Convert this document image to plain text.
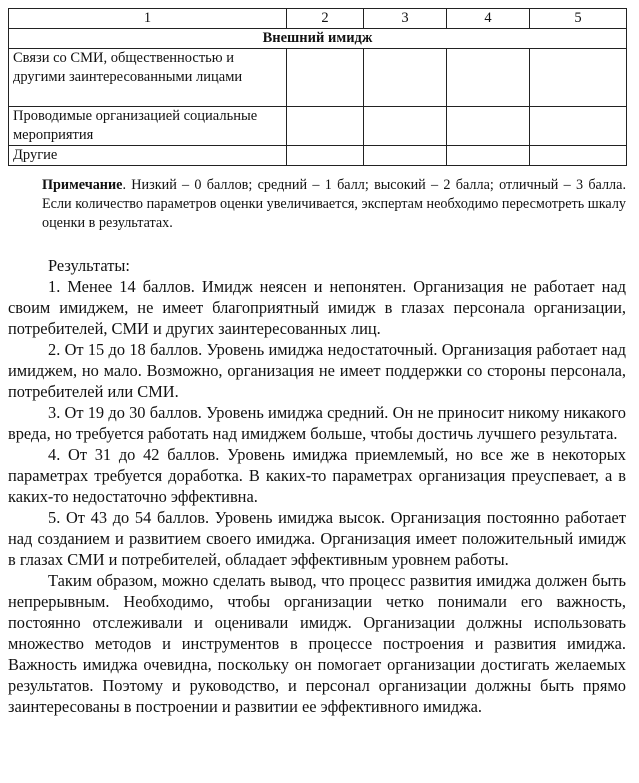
1	2	3	4	5
Внешний имидж				
Связи со СМИ, общественностью и другими заинтересованными лицами				
Проводимые организацией социальные мероприятия				
Другие				
Примечание. Низкий – 0 баллов; средний – 1 балл; высокий – 2 балла; отличный – 3 балла. Если количество параметров оценки увеличивается, экспертам необходимо пересмотреть шкалу оценки в результатах.

Результаты:

1. Менее 14 баллов. Имидж неясен и непонятен. Организация не работает над своим имиджем, не имеет благоприятный имидж в глазах персонала организации, потребителей, СМИ и других заинтересованных лиц.

2. От 15 до 18 баллов. Уровень имиджа недостаточный. Организация работает над имиджем, но мало. Возможно, организация не имеет поддержки со стороны персонала, потребителей или СМИ.

3. От 19 до 30 баллов. Уровень имиджа средний. Он не приносит никому никакого вреда, но требуется работать над имиджем больше, чтобы достичь лучшего результата.

4. От 31 до 42 баллов. Уровень имиджа приемлемый, но все же в некоторых параметрах требуется доработка. В каких-то параметрах организация преуспевает, а в каких-то недостаточно эффективна.

5. От 43 до 54 баллов. Уровень имиджа высок. Организация постоянно работает над созданием и развитием своего имиджа. Организация имеет положительный имидж в глазах СМИ и потребителей, обладает эффективным уровнем работы.

Таким образом, можно сделать вывод, что процесс развития имиджа должен быть непрерывным. Необходимо, чтобы организации четко понимали его важность, постоянно отслеживали и оценивали имидж. Организации должны использовать множество методов и инструментов в процессе построения и развития имиджа. Важность имиджа очевидна, поскольку он помогает организации достигать желаемых результатов. Поэтому и руководство, и персонал организации должны быть прямо заинтересованы в построении и развитии ее эффективного имиджа.
